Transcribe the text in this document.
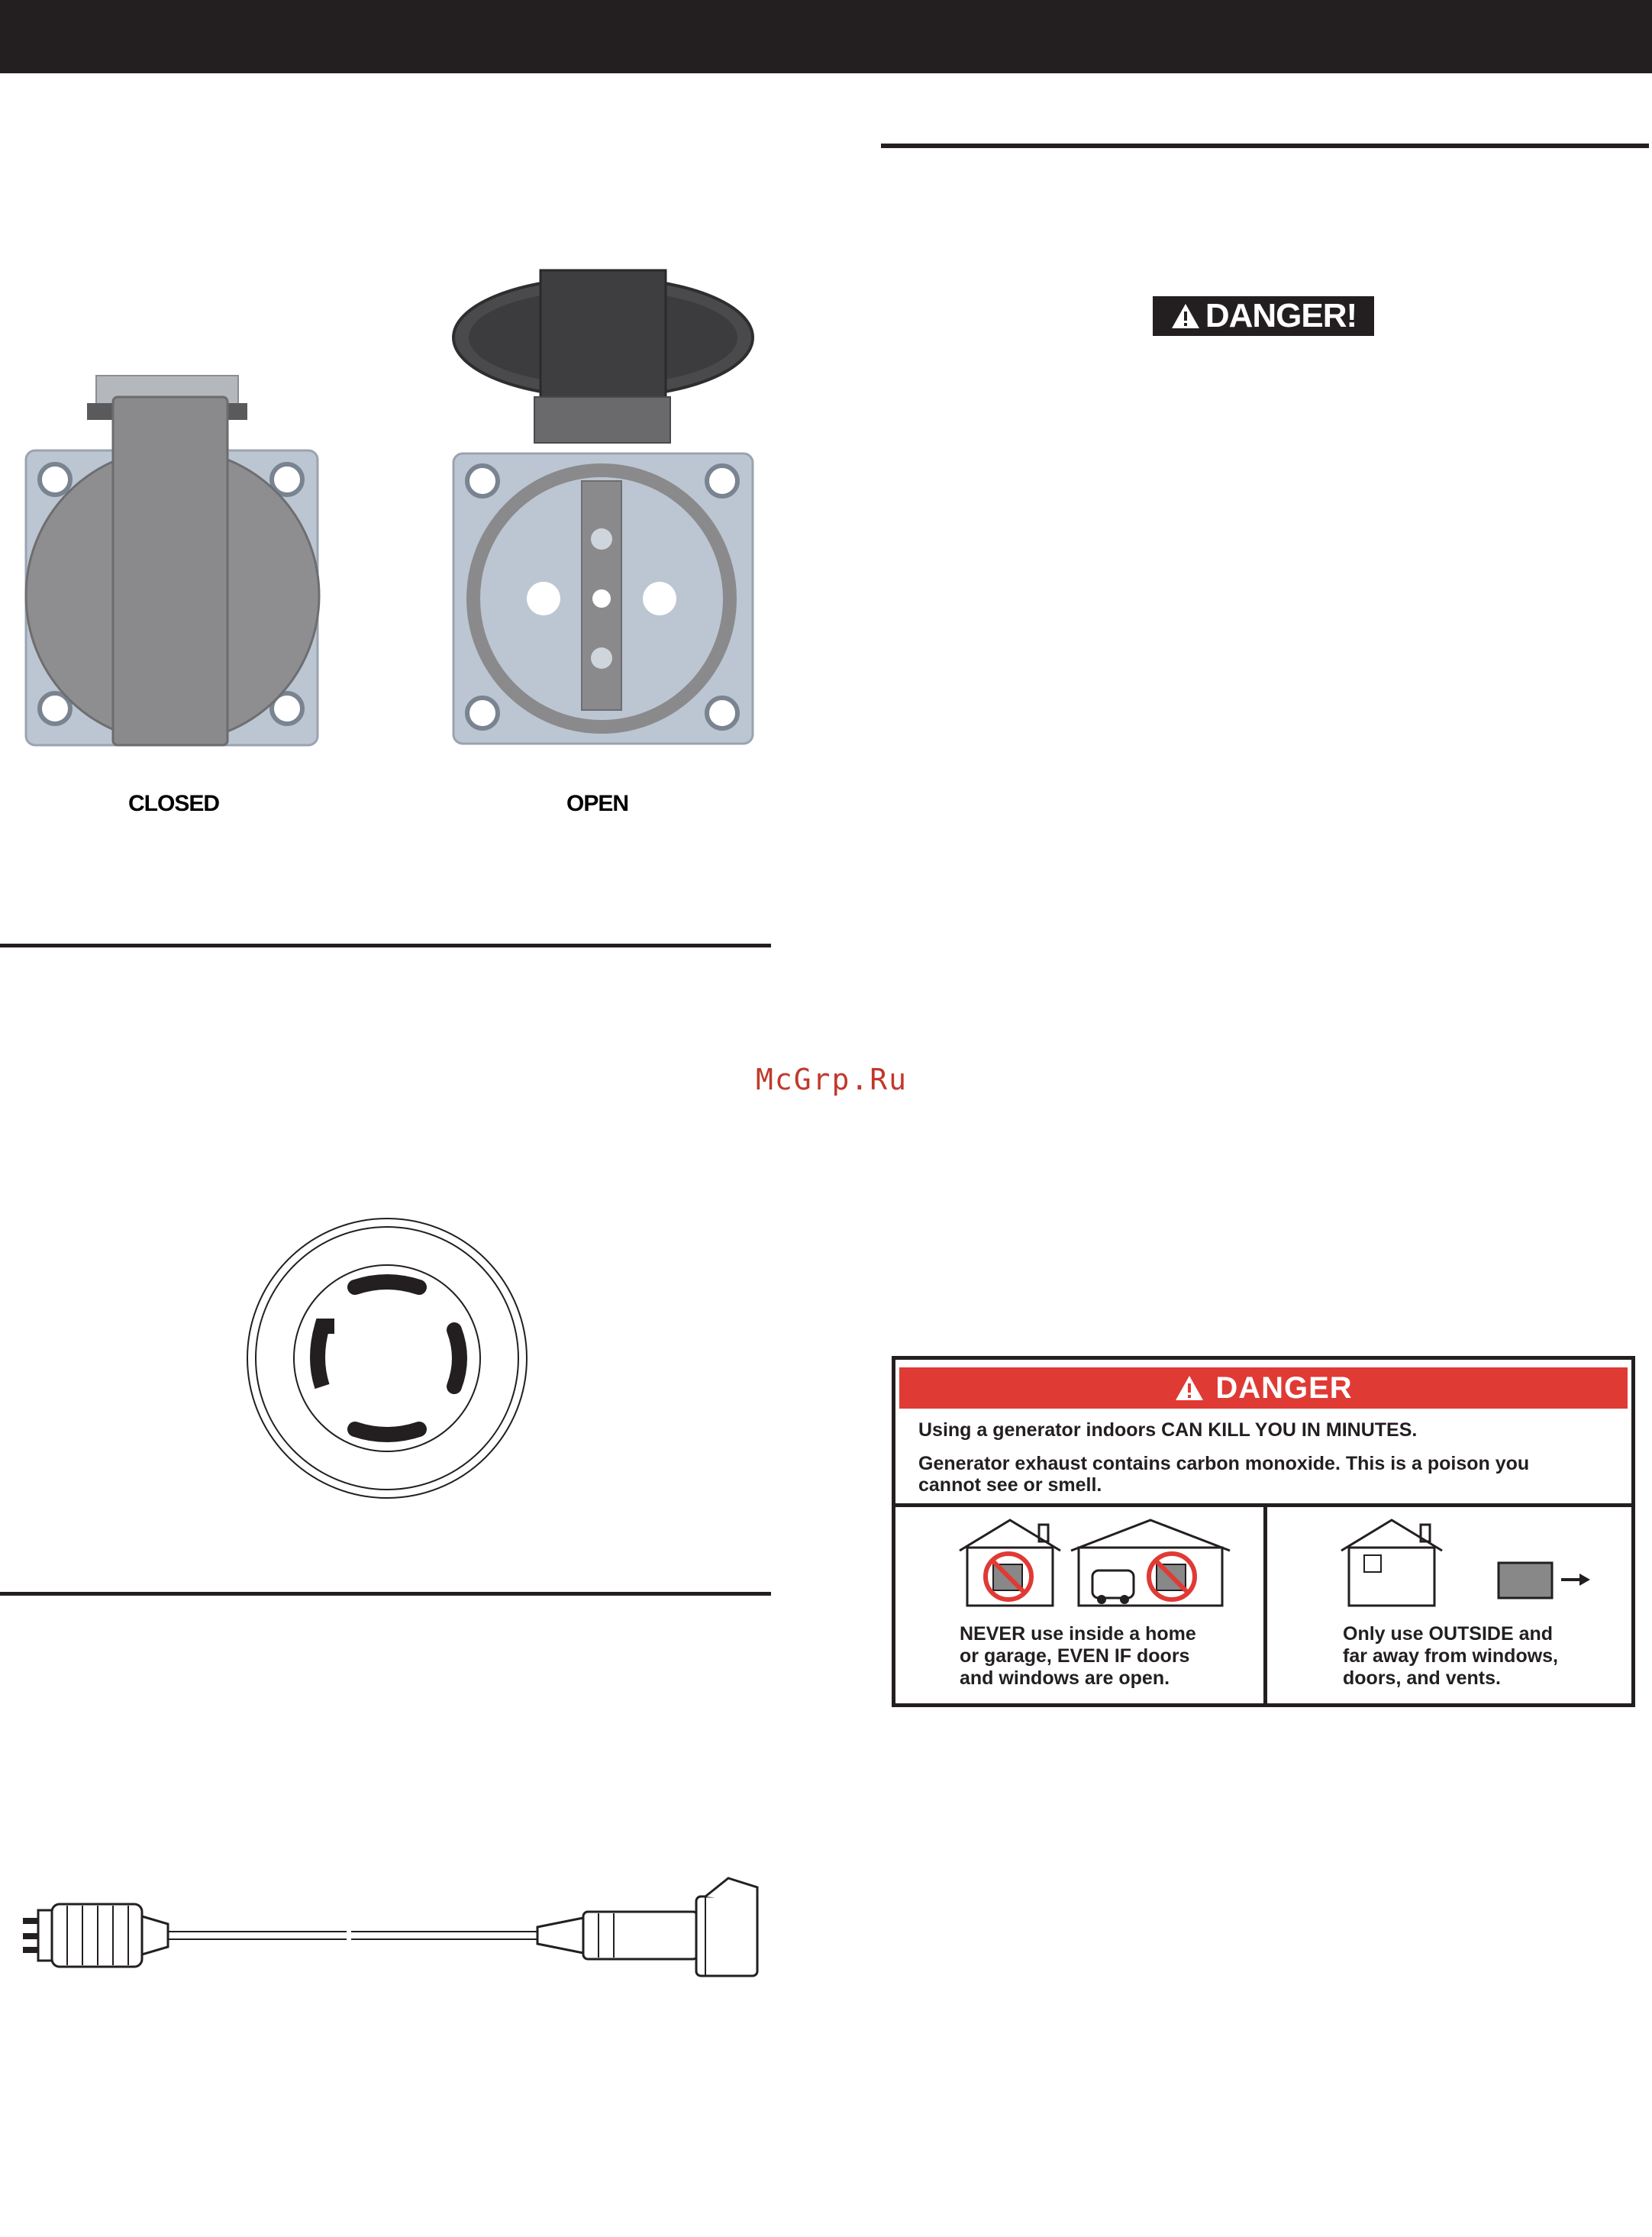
CLOSED	OPEN
McGrp.Ru
DANGER!
DANGER
Using a generator indoors CAN KILL YOU IN MINUTES.
Generator exhaust contains carbon monoxide. This is a poison you
cannot see or smell.
NEVER use inside a home
or garage, EVEN IF doors
and windows are open.
Only use OUTSIDE and
far away from windows,
doors, and vents.
